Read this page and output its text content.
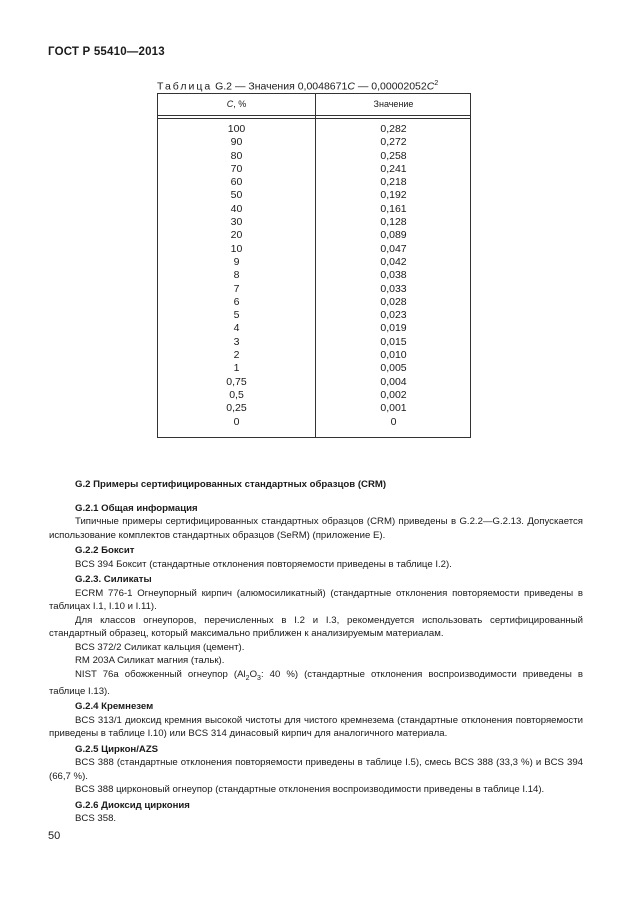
ГОСТ Р 55410—2013
Таблица G.2 — Значения 0,0048671C — $0,00002052C^2$
C, %	Значение
100	0,282
90	0,272
80	0,258
70	0,241
60	0,218
50	0,192
40	0,161
30	0,128
20	0,089
10	0,047
9	0,042
8	0,038
7	0,033
6	0,028
5	0,023
4	0,019
3	0,015
2	0,010
1	0,005
0,75	0,004
0,5	0,002
0,25	0,001
0	0

G.2 Примеры сертифицированных стандартных образцов (CRM)

G.2.1 Общая информация

Типичные примеры сертифицированных стандартных образцов (CRM) приведены в G.2.2—G.2.13. Допускается использование комплектов стандартных образцов (SeRM) (приложение Е).

G.2.2 Боксит

BCS 394 Боксит (стандартные отклонения повторяемости приведены в таблице I.2).

G.2.3. Силикаты

ECRM 776-1 Огнеупорный кирпич (алюмосиликатный) (стандартные отклонения повторяемости приведены в таблицах I.1, I.10 и I.11).

Для классов огнеупоров, перечисленных в I.2 и I.3, рекомендуется использовать сертифицированный стандартный образец, который максимально приближен к анализируемым материалам.

BCS 372/2 Силикат кальция (цемент).

RM 203A Силикат магния (тальк).

NIST 76a обожженный огнеупор ($Al_2O_3$: 40 %) (стандартные отклонения воспроизводимости приведены в таблице I.13).

G.2.4 Кремнезем

BCS 313/1 диоксид кремния высокой чистоты для чистого кремнезема (стандартные отклонения повторяемости приведены в таблице I.10) или BCS 314 динасовый кирпич для аналогичного материала.

G.2.5 Циркон/AZS

BCS 388 (стандартные отклонения повторяемости приведены в таблице I.5), смесь BCS 388 (33,3 %) и BCS 394 (66,7 %).

BCS 388 цирконовый огнеупор (стандартные отклонения воспроизводимости приведены в таблице I.14).

G.2.6 Диоксид циркония

BCS 358.

50
